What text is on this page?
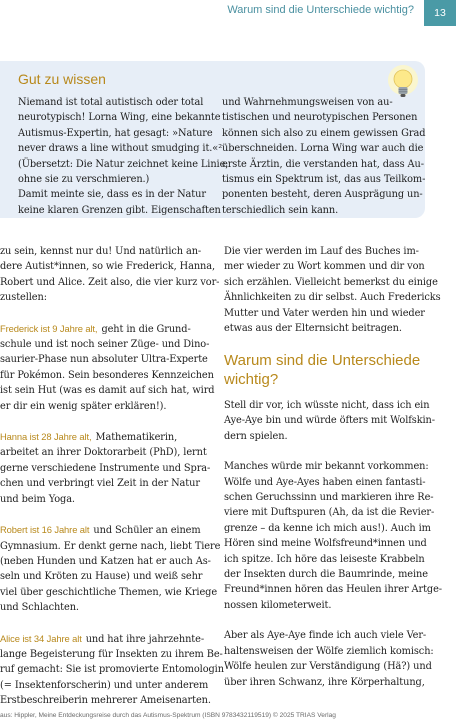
Warum sind die Unterschiede wichtig?	13
Gut zu wissen
Niemand ist total autistisch oder total
neurotypisch! Lorna Wing, eine bekannte
Autismus-Expertin, hat gesagt: »Nature
never draws a line without smudging it.«²
(Übersetzt: Die Natur zeichnet keine Linie,
ohne sie zu verschmieren.)
Damit meinte sie, dass es in der Natur
keine klaren Grenzen gibt. Eigenschaften
und Wahrnehmungsweisen von au-
tistischen und neurotypischen Personen
können sich also zu einem gewissen Grad
überschneiden. Lorna Wing war auch die
erste Ärztin, die verstanden hat, dass Au-
tismus ein Spektrum ist, das aus Teilkom-
ponenten besteht, deren Ausprägung un-
terschiedlich sein kann.
zu sein, kennst nur du! Und natürlich an-
dere Autist*innen, so wie Frederick, Hanna,
Robert und Alice. Zeit also, die vier kurz vor-
zustellen:
Frederick ist 9 Jahre alt, geht in die Grund-
schule und ist noch seiner Züge- und Dino-
saurier-Phase nun absoluter Ultra-Experte
für Pokémon. Sein besonderes Kennzeichen
ist sein Hut (was es damit auf sich hat, wird
er dir ein wenig später erklären!).
Hanna ist 28 Jahre alt, Mathematikerin,
arbeitet an ihrer Doktorarbeit (PhD), lernt
gerne verschiedene Instrumente und Spra-
chen und verbringt viel Zeit in der Natur
und beim Yoga.
Robert ist 16 Jahre alt und Schüler an einem
Gymnasium. Er denkt gerne nach, liebt Tiere
(neben Hunden und Katzen hat er auch As-
seln und Kröten zu Hause) und weiß sehr
viel über geschichtliche Themen, wie Kriege
und Schlachten.
Alice ist 34 Jahre alt und hat ihre jahrzehnte-
lange Begeisterung für Insekten zu ihrem Be-
ruf gemacht: Sie ist promovierte Entomologin
(= Insektenforscherin) und unter anderem
Erstbeschreiberin mehrerer Ameisenarten.
Die vier werden im Lauf des Buches im-
mer wieder zu Wort kommen und dir von
sich erzählen. Vielleicht bemerkst du einige
Ähnlichkeiten zu dir selbst. Auch Fredericks
Mutter und Vater werden hin und wieder
etwas aus der Elternsicht beitragen.
Warum sind die Unterschiede
wichtig?
Stell dir vor, ich wüsste nicht, dass ich ein
Aye-Aye bin und würde öfters mit Wolfskin-
dern spielen.
Manches würde mir bekannt vorkommen:
Wölfe und Aye-Ayes haben einen fantasti-
schen Geruchssinn und markieren ihre Re-
viere mit Duftspuren (Ah, da ist die Revier-
grenze – da kenne ich mich aus!). Auch im
Hören sind meine Wolfsfreund*innen und
ich spitze. Ich höre das leiseste Krabbeln
der Insekten durch die Baumrinde, meine
Freund*innen hören das Heulen ihrer Artge-
nossen kilometerweit.
Aber als Aye-Aye finde ich auch viele Ver-
haltensweisen der Wölfe ziemlich komisch:
Wölfe heulen zur Verständigung (Hä?) und
über ihren Schwanz, ihre Körperhaltung,
aus: Hippler, Meine Entdeckungsreise durch das Autismus-Spektrum (ISBN 9783432119519) © 2025 TRIAS Verlag
